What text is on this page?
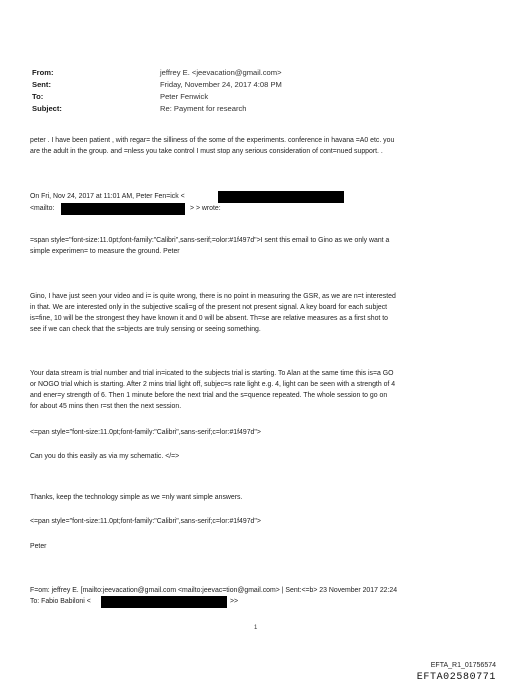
From:	jeffrey E. <jeevacation@gmail.com>
Sent:	Friday, November 24, 2017 4:08 PM
To:	Peter Fenwick
Subject:	Re: Payment for research
peter . I have been patient , with regar= the silliness of the some of the experiments. conference in havana =A0 etc. you
are the adult in the group. and =nless you take control I must stop any serious consideration of cont=nued support. .
On Fri, Nov 24, 2017 at 11:01 AM, Peter Fen=ick <
<mailto:	> > wrote:
=span style="font-size:11.0pt;font-family:"Calibri",sans-serif;=olor:#1f497d">I sent this email to Gino as we only want a
simple experimen= to measure the ground. Peter
Gino, I have just seen your video and i= is quite wrong, there is no point in measuring the GSR, as we are n=t interested
in that. We are interested only in the subjective scali=g of the present not present signal. A key board for each subject
is=fine, 10 will be the strongest they have known it and 0 will be absent. Th=se are relative measures as a first shot to
see if we can check that the s=bjects are truly sensing or seeing something.
Your data stream is trial number and trial in=icated to the subjects trial is starting. To Alan at the same time this is=a GO
or NOGO trial which is starting. After 2 mins trial light off, subjec=s rate light e.g. 4, light can be seen with a strength of 4
and ener=y strength of 6. Then 1 minute before the next trial and the s=quence repeated. The whole session to go on
for about 45 mins then r=st then the next session.
<=pan style="font-size:11.0pt;font-family:"Calibri",sans-serif;c=lor:#1f497d">
Can you do this easily as via my schematic. </=>
Thanks, keep the technology simple as we =nly want simple answers.
<=pan style="font-size:11.0pt;font-family:"Calibri",sans-serif;c=lor:#1f497d">
Peter
F=om: jeffrey E. [mailto:jeevacation@gmail.com <mailto:jeevac=tion@gmail.com> | Sent:<=b> 23 November 2017 22:24
To: Fabio Babiloni <	>>
1
EFTA_R1_01756574
EFTA02580771
